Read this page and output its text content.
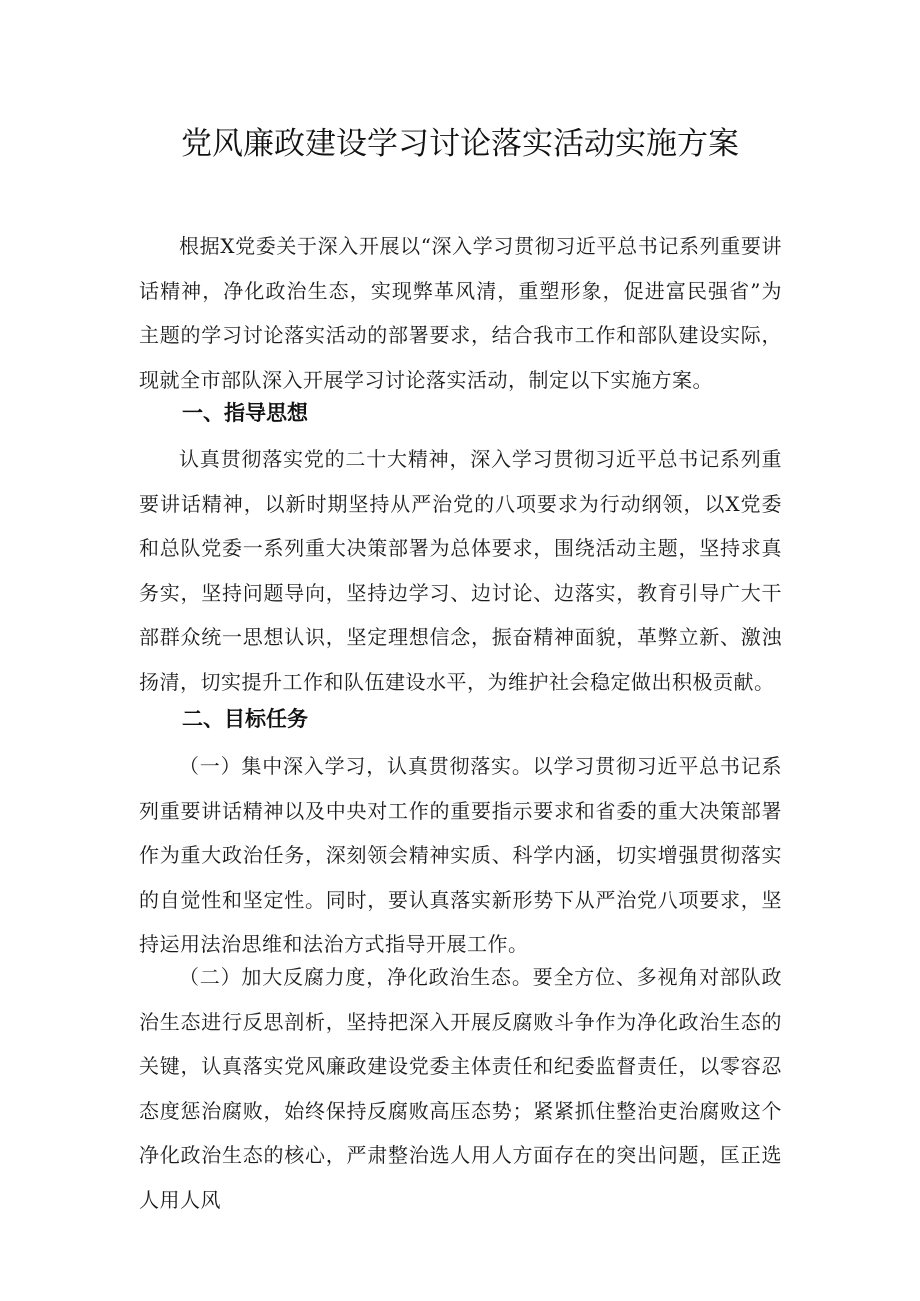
党风廉政建设学习讨论落实活动实施方案

根据X党委关于深入开展以“深入学习贯彻习近平总书记系列重要讲话精神，净化政治生态，实现弊革风清，重塑形象，促进富民强省”为主题的学习讨论落实活动的部署要求，结合我市工作和部队建设实际，现就全市部队深入开展学习讨论落实活动，制定以下实施方案。

一、指导思想

认真贯彻落实党的二十大精神，深入学习贯彻习近平总书记系列重要讲话精神，以新时期坚持从严治党的八项要求为行动纲领，以X党委和总队党委一系列重大决策部署为总体要求，围绕活动主题，坚持求真务实，坚持问题导向，坚持边学习、边讨论、边落实，教育引导广大干部群众统一思想认识，坚定理想信念，振奋精神面貌，革弊立新、激浊扬清，切实提升工作和队伍建设水平，为维护社会稳定做出积极贡献。

二、目标任务

（一）集中深入学习，认真贯彻落实。以学习贯彻习近平总书记系列重要讲话精神以及中央对工作的重要指示要求和省委的重大决策部署作为重大政治任务，深刻领会精神实质、科学内涵，切实增强贯彻落实的自觉性和坚定性。同时，要认真落实新形势下从严治党八项要求，坚持运用法治思维和法治方式指导开展工作。

（二）加大反腐力度，净化政治生态。要全方位、多视角对部队政治生态进行反思剖析，坚持把深入开展反腐败斗争作为净化政治生态的关键，认真落实党风廉政建设党委主体责任和纪委监督责任，以零容忍态度惩治腐败，始终保持反腐败高压态势；紧紧抓住整治吏治腐败这个净化政治生态的核心，严肃整治选人用人方面存在的突出问题，匡正选人用人风
